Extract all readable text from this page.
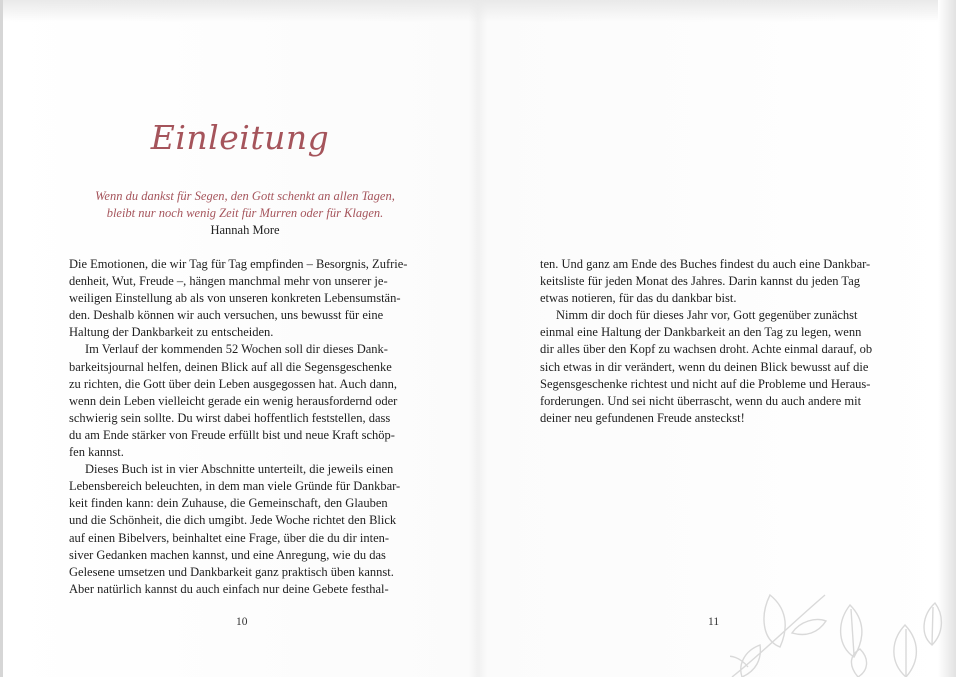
Einleitung
Wenn du dankst für Segen, den Gott schenkt an allen Tagen,
bleibt nur noch wenig Zeit für Murren oder für Klagen.
Hannah More
Die Emotionen, die wir Tag für Tag empfinden – Besorgnis, Zufrie-
denheit, Wut, Freude –, hängen manchmal mehr von unserer je-
weiligen Einstellung ab als von unseren konkreten Lebensumstän-
den. Deshalb können wir auch versuchen, uns bewusst für eine
Haltung der Dankbarkeit zu entscheiden.
Im Verlauf der kommenden 52 Wochen soll dir dieses Dank-
barkeitsjournal helfen, deinen Blick auf all die Segensgeschenke
zu richten, die Gott über dein Leben ausgegossen hat. Auch dann,
wenn dein Leben vielleicht gerade ein wenig herausfordernd oder
schwierig sein sollte. Du wirst dabei hoffentlich feststellen, dass
du am Ende stärker von Freude erfüllt bist und neue Kraft schöp-
fen kannst.
Dieses Buch ist in vier Abschnitte unterteilt, die jeweils einen
Lebensbereich beleuchten, in dem man viele Gründe für Dankbar-
keit finden kann: dein Zuhause, die Gemeinschaft, den Glauben
und die Schönheit, die dich umgibt. Jede Woche richtet den Blick
auf einen Bibelvers, beinhaltet eine Frage, über die du dir inten-
siver Gedanken machen kannst, und eine Anregung, wie du das
Gelesene umsetzen und Dankbarkeit ganz praktisch üben kannst.
Aber natürlich kannst du auch einfach nur deine Gebete festhal-
10	11
ten. Und ganz am Ende des Buches findest du auch eine Dankbar-
keitsliste für jeden Monat des Jahres. Darin kannst du jeden Tag
etwas notieren, für das du dankbar bist.
Nimm dir doch für dieses Jahr vor, Gott gegenüber zunächst
einmal eine Haltung der Dankbarkeit an den Tag zu legen, wenn
dir alles über den Kopf zu wachsen droht. Achte einmal darauf, ob
sich etwas in dir verändert, wenn du deinen Blick bewusst auf die
Segensgeschenke richtest und nicht auf die Probleme und Heraus-
forderungen. Und sei nicht überrascht, wenn du auch andere mit
deiner neu gefundenen Freude ansteckst!
